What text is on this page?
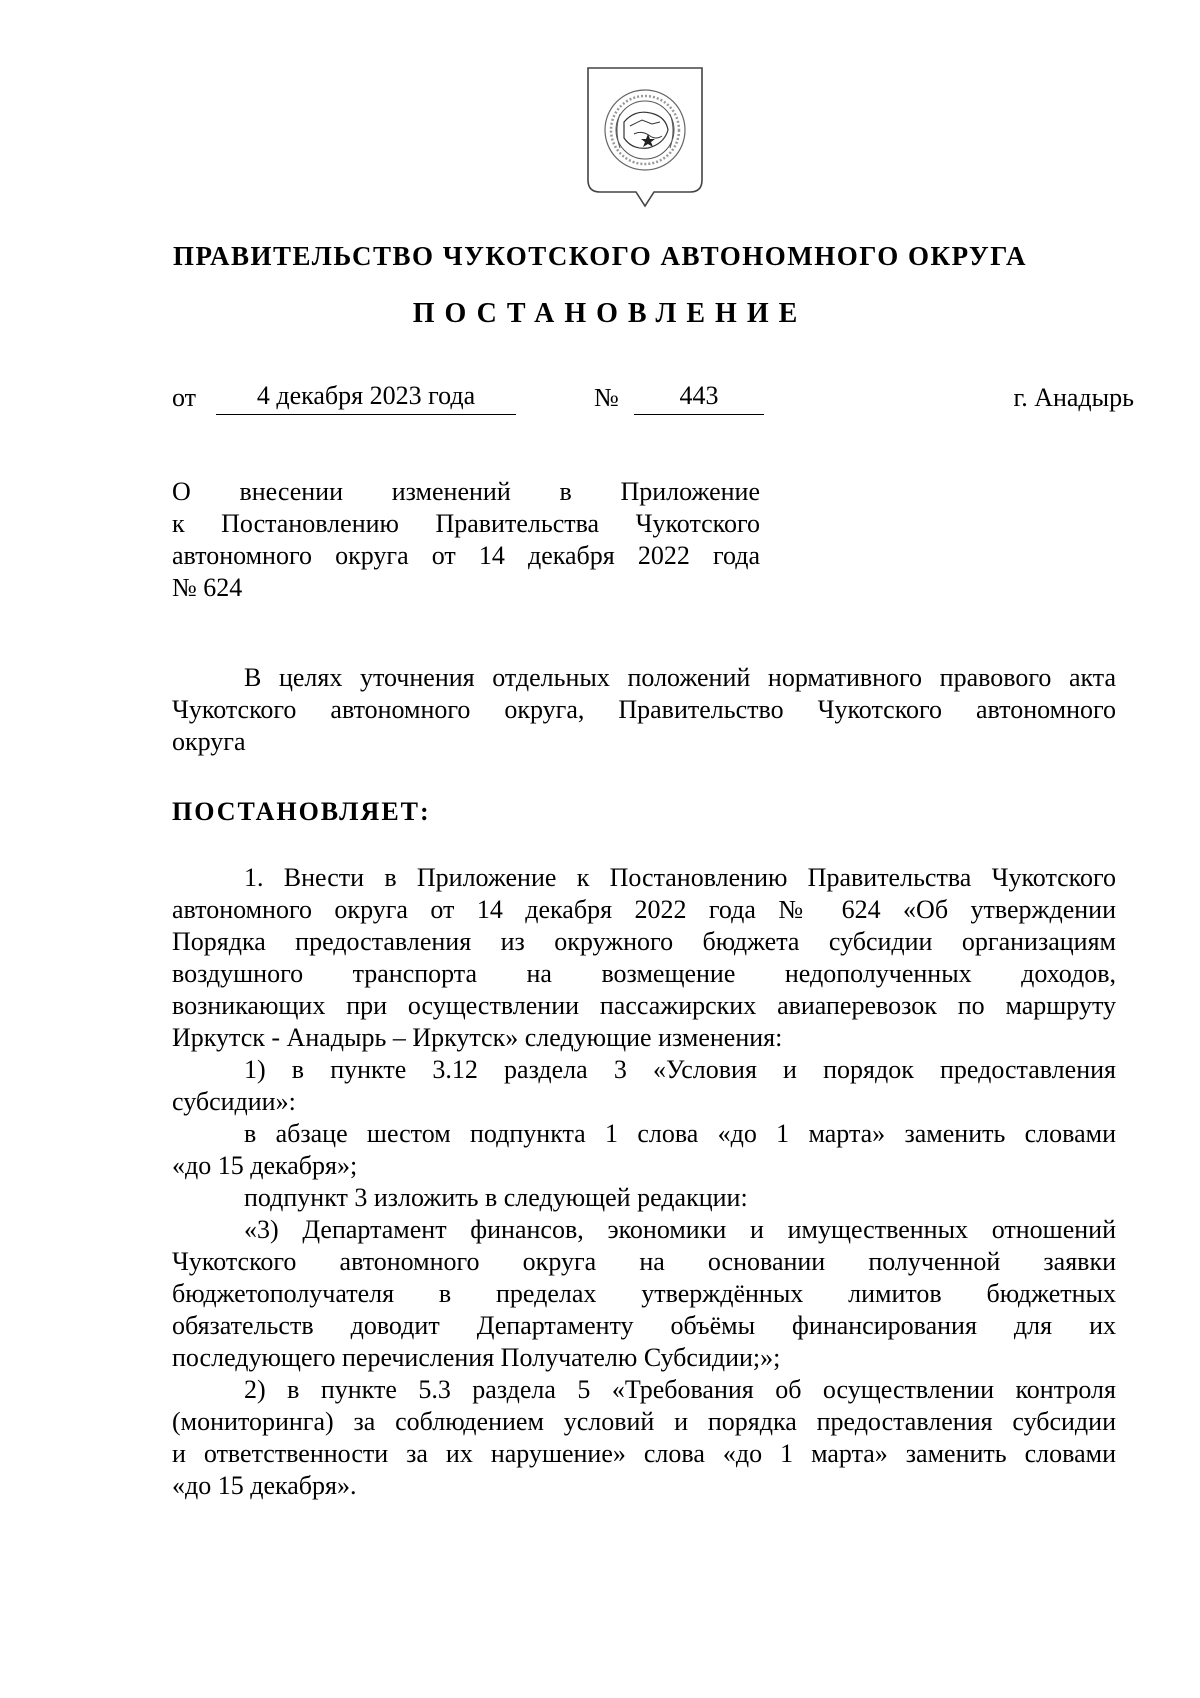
ПРАВИТЕЛЬСТВО ЧУКОТСКОГО АВТОНОМНОГО ОКРУГА
ПОСТАНОВЛЕНИЕ
от	4 декабря 2023 года	№	443	г. Анадырь
О внесении изменений в Приложение
к Постановлению Правительства Чукотского
автономного округа от 14 декабря 2022 года
№ 624
В целях уточнения отдельных положений нормативного правового акта
Чукотского автономного округа, Правительство Чукотского автономного
округа
ПОСТАНОВЛЯЕТ:
1. Внести в Приложение к Постановлению Правительства Чукотского
автономного округа от 14 декабря 2022 года № 624 «Об утверждении
Порядка предоставления из окружного бюджета субсидии организациям
воздушного транспорта на возмещение недополученных доходов,
возникающих при осуществлении пассажирских авиаперевозок по маршруту
Иркутск - Анадырь – Иркутск» следующие изменения:
1) в пункте 3.12 раздела 3 «Условия и порядок предоставления
субсидии»:
в абзаце шестом подпункта 1 слова «до 1 марта» заменить словами
«до 15 декабря»;
подпункт 3 изложить в следующей редакции:
«3) Департамент финансов, экономики и имущественных отношений
Чукотского автономного округа на основании полученной заявки
бюджетополучателя в пределах утверждённых лимитов бюджетных
обязательств доводит Департаменту объёмы финансирования для их
последующего перечисления Получателю Субсидии;»;
2) в пункте 5.3 раздела 5 «Требования об осуществлении контроля
(мониторинга) за соблюдением условий и порядка предоставления субсидии
и ответственности за их нарушение» слова «до 1 марта» заменить словами
«до 15 декабря».
